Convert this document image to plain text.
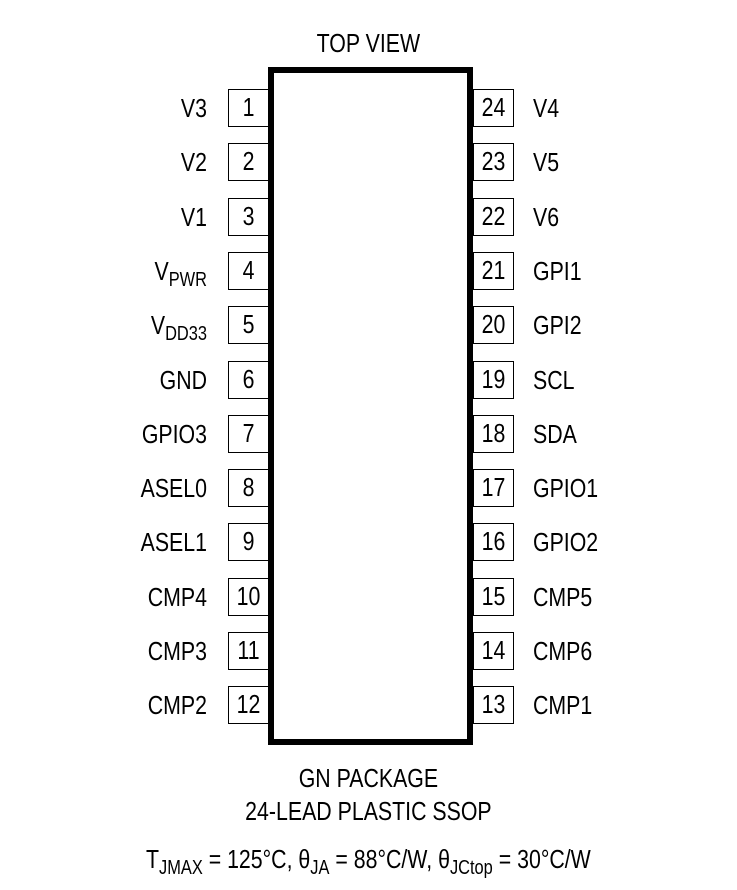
TOP VIEW
1
V3
2
V2
3
V1
4
$V_{PWR}$
5
$V_{DD33}$
6
GND
7
GPIO3
8
ASEL0
9
ASEL1
10
CMP4
11
CMP3
12
CMP2
24 V4
23 V5
22 V6
21 GPI1
20 GPI2
19 SCL
18 SDA
17 GPIO1
16 GPIO2
15 CMP5
14 CMP6
13 CMP1
GN PACKAGE
24-LEAD PLASTIC SSOP
$T_{JMAX} = 125^\circ C$, $\theta_{JA} = 88^\circ C/W$, $\theta_{JCtop} = 30^\circ C/W$
